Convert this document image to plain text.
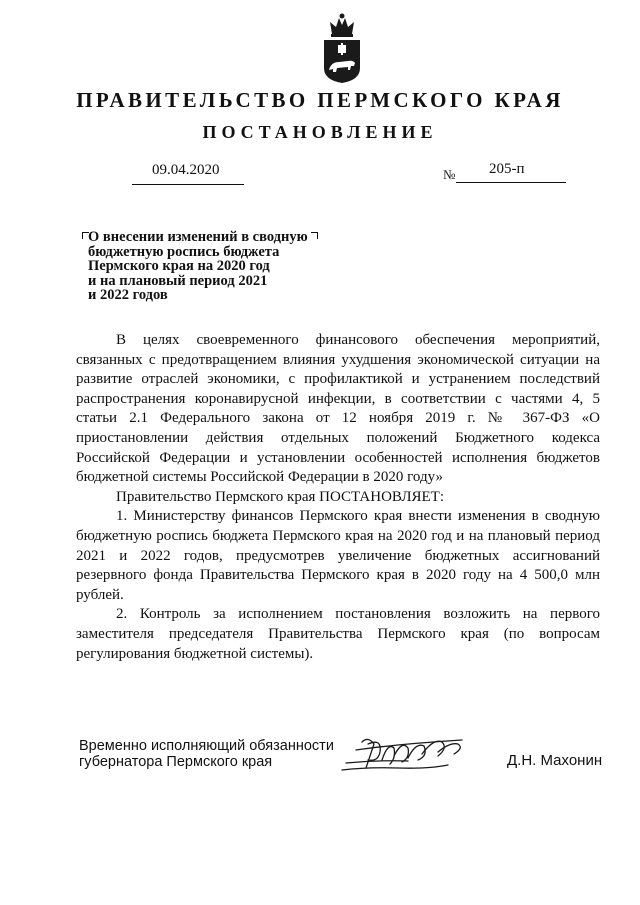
ПРАВИТЕЛЬСТВО ПЕРМСКОГО КРАЯ
ПОСТАНОВЛЕНИЕ
09.04.2020	№ 205-п
О внесении изменений в сводную
бюджетную роспись бюджета
Пермского края на 2020 год
и на плановый период 2021
и 2022 годов

В целях своевременного финансового обеспечения мероприятий, связанных с предотвращением влияния ухудшения экономической ситуации на развитие отраслей экономики, с профилактикой и устранением последствий распространения коронавирусной инфекции, в соответствии с частями 4, 5 статьи 2.1 Федерального закона от 12 ноября 2019 г. № 367-ФЗ «О приостановлении действия отдельных положений Бюджетного кодекса Российской Федерации и установлении особенностей исполнения бюджетов бюджетной системы Российской Федерации в 2020 году»

Правительство Пермского края ПОСТАНОВЛЯЕТ:

1. Министерству финансов Пермского края внести изменения в сводную бюджетную роспись бюджета Пермского края на 2020 год и на плановый период 2021 и 2022 годов, предусмотрев увеличение бюджетных ассигнований резервного фонда Правительства Пермского края в 2020 году на 4 500,0 млн рублей.

2. Контроль за исполнением постановления возложить на первого заместителя председателя Правительства Пермского края (по вопросам регулирования бюджетной системы).

Временно исполняющий обязанности
губернатора Пермского края	Д.Н. Махонин
